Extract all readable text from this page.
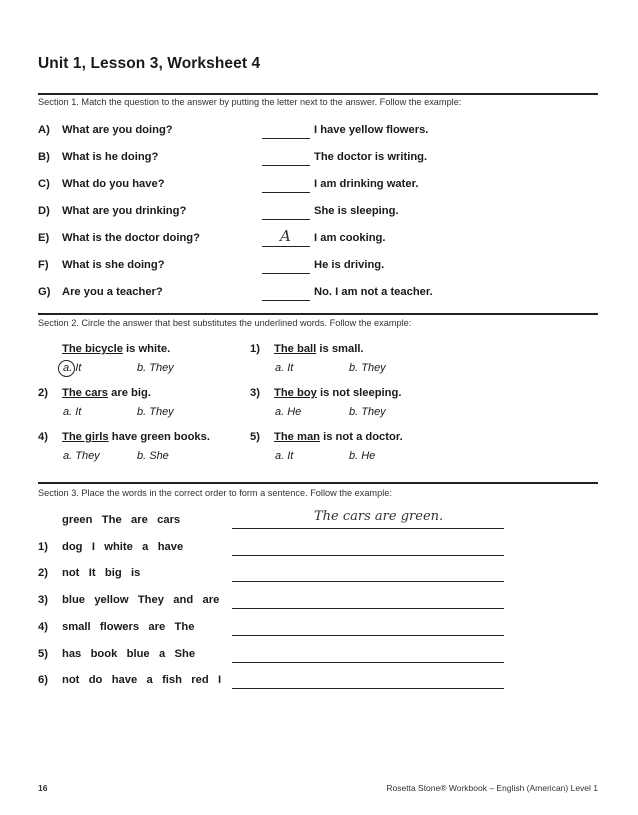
Unit 1, Lesson 3, Worksheet 4
Section 1. Match the question to the answer by putting the letter next to the answer. Follow the example:
A) What are you doing?	I have yellow flowers.
B) What is he doing?	The doctor is writing.
C) What do you have?	I am drinking water.
D) What are you drinking?	She is sleeping.
E) What is the doctor doing?	A I am cooking.
F) What is she doing?	He is driving.
G) Are you a teacher?	No. I am not a teacher.
Section 2. Circle the answer that best substitutes the underlined words. Follow the example:
The bicycle is white.
a. It	b. They
1) The ball is small.
a. It	b. They
2) The cars are big.
a. It	b. They
3) The boy is not sleeping.
a. He	b. They
4) The girls have green books.
a. They	b. She
5) The man is not a doctor.
a. It	b. He
Section 3. Place the words in the correct order to form a sentence. Follow the example:
green   The   are   cars	The cars are green.
1) dog   I   white   a   have
2) not   It   big   is
3) blue   yellow   They   and   are
4) small   flowers   are   The
5) has   book   blue   a   She
6) not   do   have   a   fish   red   I
16	Rosetta Stone® Workbook – English (American) Level 1
